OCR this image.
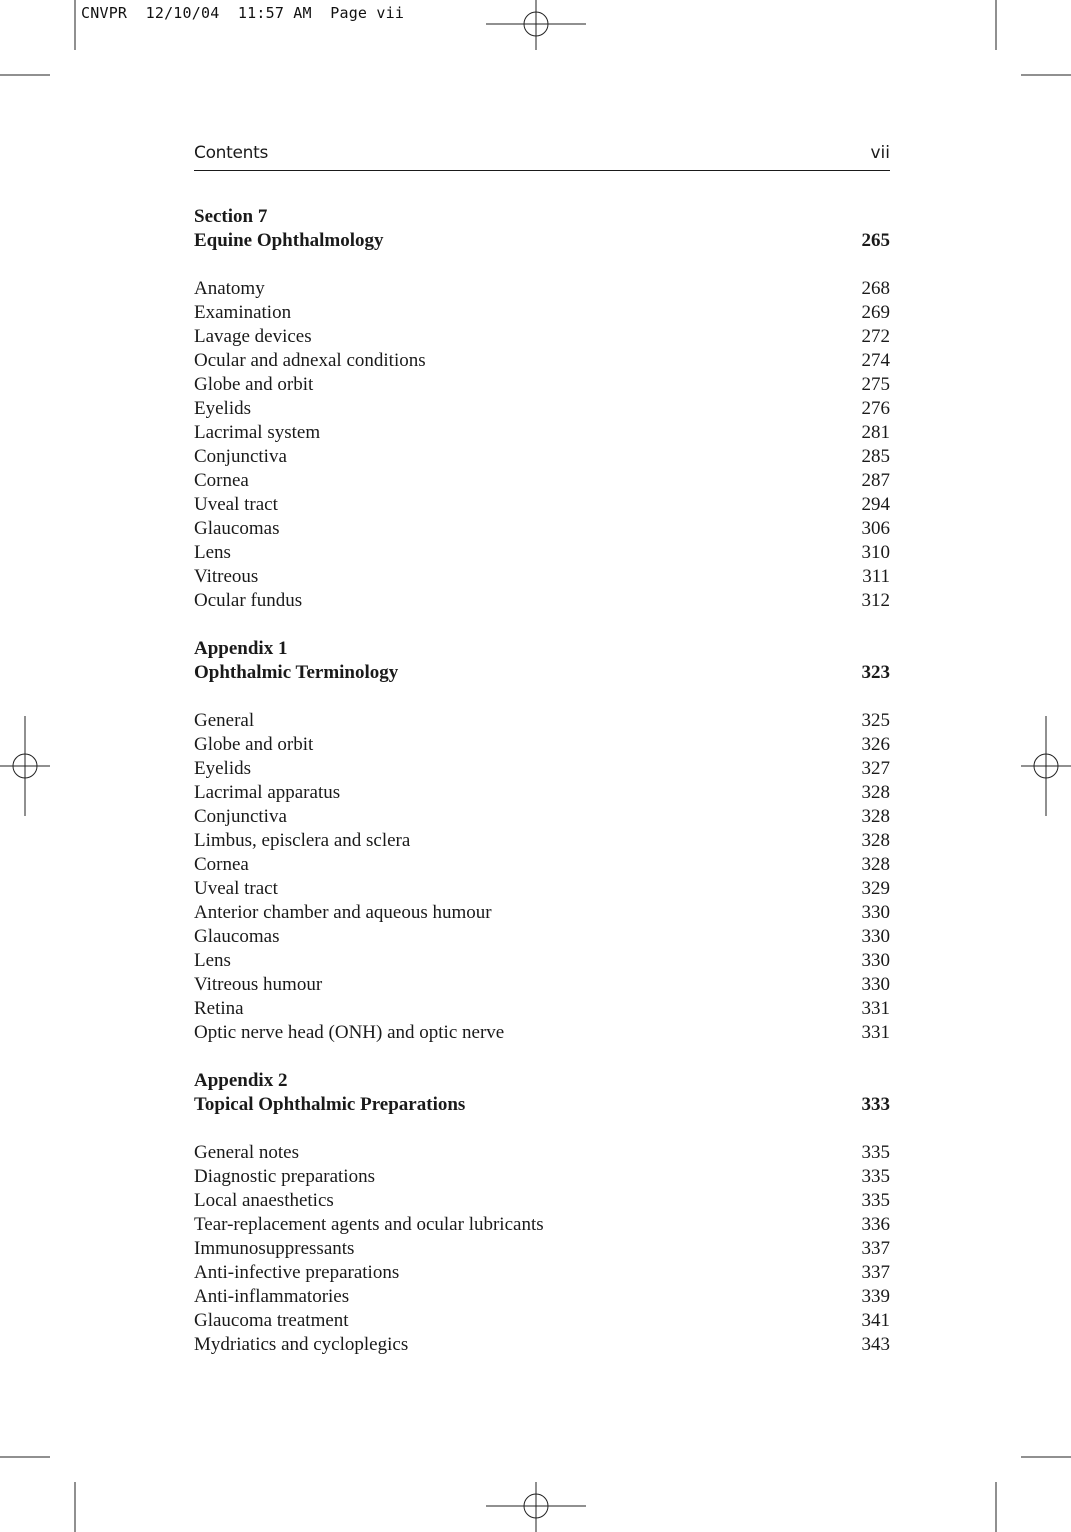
CNVPR  12/10/04  11:57 AM  Page vii
Contents	vii
Section 7
Equine Ophthalmology	265
Anatomy	268
Examination	269
Lavage devices	272
Ocular and adnexal conditions	274
Globe and orbit	275
Eyelids	276
Lacrimal system	281
Conjunctiva	285
Cornea	287
Uveal tract	294
Glaucomas	306
Lens	310
Vitreous	311
Ocular fundus	312
Appendix 1
Ophthalmic Terminology	323
General	325
Globe and orbit	326
Eyelids	327
Lacrimal apparatus	328
Conjunctiva	328
Limbus, episclera and sclera	328
Cornea	328
Uveal tract	329
Anterior chamber and aqueous humour	330
Glaucomas	330
Lens	330
Vitreous humour	330
Retina	331
Optic nerve head (ONH) and optic nerve	331
Appendix 2
Topical Ophthalmic Preparations	333
General notes	335
Diagnostic preparations	335
Local anaesthetics	335
Tear-replacement agents and ocular lubricants	336
Immunosuppressants	337
Anti-infective preparations	337
Anti-inflammatories	339
Glaucoma treatment	341
Mydriatics and cycloplegics	343
